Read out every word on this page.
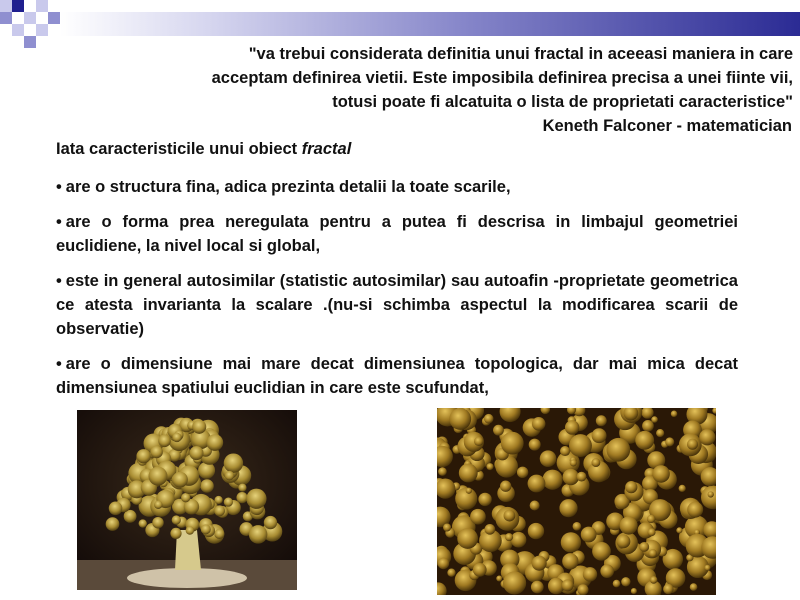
"va trebui considerata definitia unui fractal in aceeasi maniera in care
acceptam definirea vietii. Este imposibila definirea precisa a unei fiinte vii,
totusi poate fi alcatuita o lista de proprietati caracteristice"
Keneth Falconer - matematician
Iata caracteristicile unui obiect fractal
• are o structura fina, adica prezinta detalii la toate scarile,
• are o forma prea neregulata pentru a putea fi descrisa in limbajul geometriei euclidiene, la nivel local si global,
• este in general autosimilar (statistic autosimilar) sau autoafin -proprietate geometrica ce atesta invarianta la scalare .(nu-si schimba aspectul la modificarea scarii de observatie)
• are o dimensiune mai mare decat dimensiunea topologica, dar mai mica decat dimensiunea spatiului euclidian in care este scufundat,
